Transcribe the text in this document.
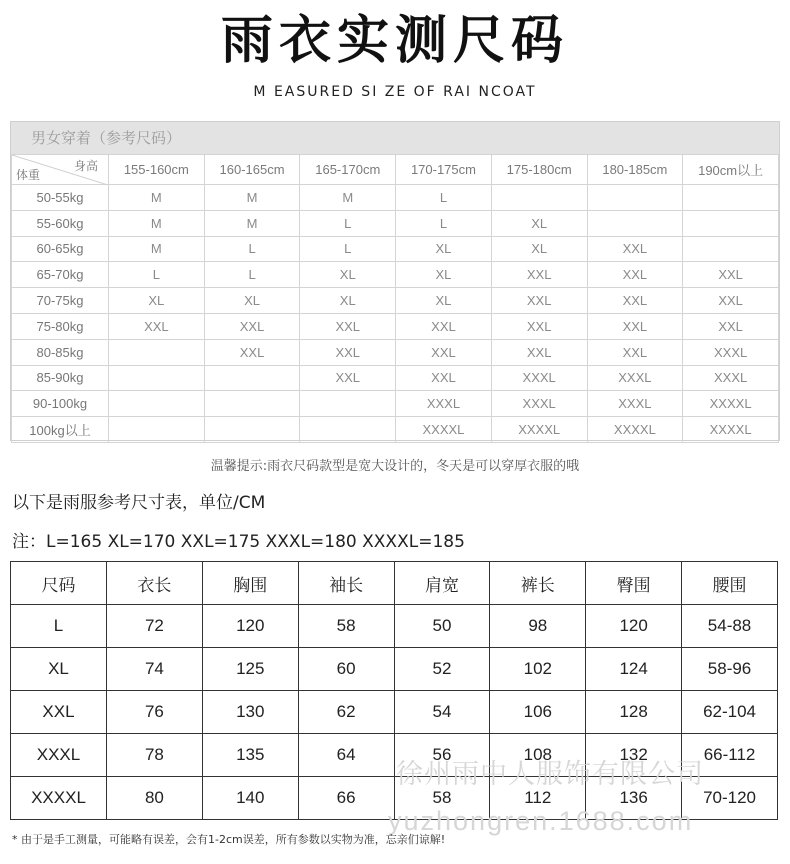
雨衣实测尺码
M EASURED SI ZE OF RAI NCOAT
男女穿着（参考尺码）
身高
体重	155-160cm	160-165cm	165-170cm	170-175cm	175-180cm	180-185cm	190cm以上
50-55kg	M	M	M	L			
55-60kg	M	M	L	L	XL		
60-65kg	M	L	L	XL	XL	XXL	
65-70kg	L	L	XL	XL	XXL	XXL	XXL
70-75kg	XL	XL	XL	XL	XXL	XXL	XXL
75-80kg	XXL	XXL	XXL	XXL	XXL	XXL	XXL
80-85kg		XXL	XXL	XXL	XXL	XXL	XXXL
85-90kg			XXL	XXL	XXXL	XXXL	XXXL
90-100kg				XXXL	XXXL	XXXL	XXXXL
100kg以上				XXXXL	XXXXL	XXXXL	XXXXL
温馨提示:雨衣尺码款型是宽大设计的，冬天是可以穿厚衣服的哦
以下是雨服参考尺寸表，单位/CM
注：L=165 XL=170 XXL=175 XXXL=180 XXXXL=185
尺码	衣长	胸围	袖长	肩宽	裤长	臀围	腰围
L	72	120	58	50	98	120	54-88
XL	74	125	60	52	102	124	58-96
XXL	76	130	62	54	106	128	62-104
XXXL	78	135	64	56	108	132	66-112
XXXXL	80	140	66	58	112	136	70-120
徐州雨中人服饰有限公司
yuzhongren.1688.com
* 由于是手工测量，可能略有误差，会有1-2cm误差，所有参数以实物为准，忘亲们谅解!
